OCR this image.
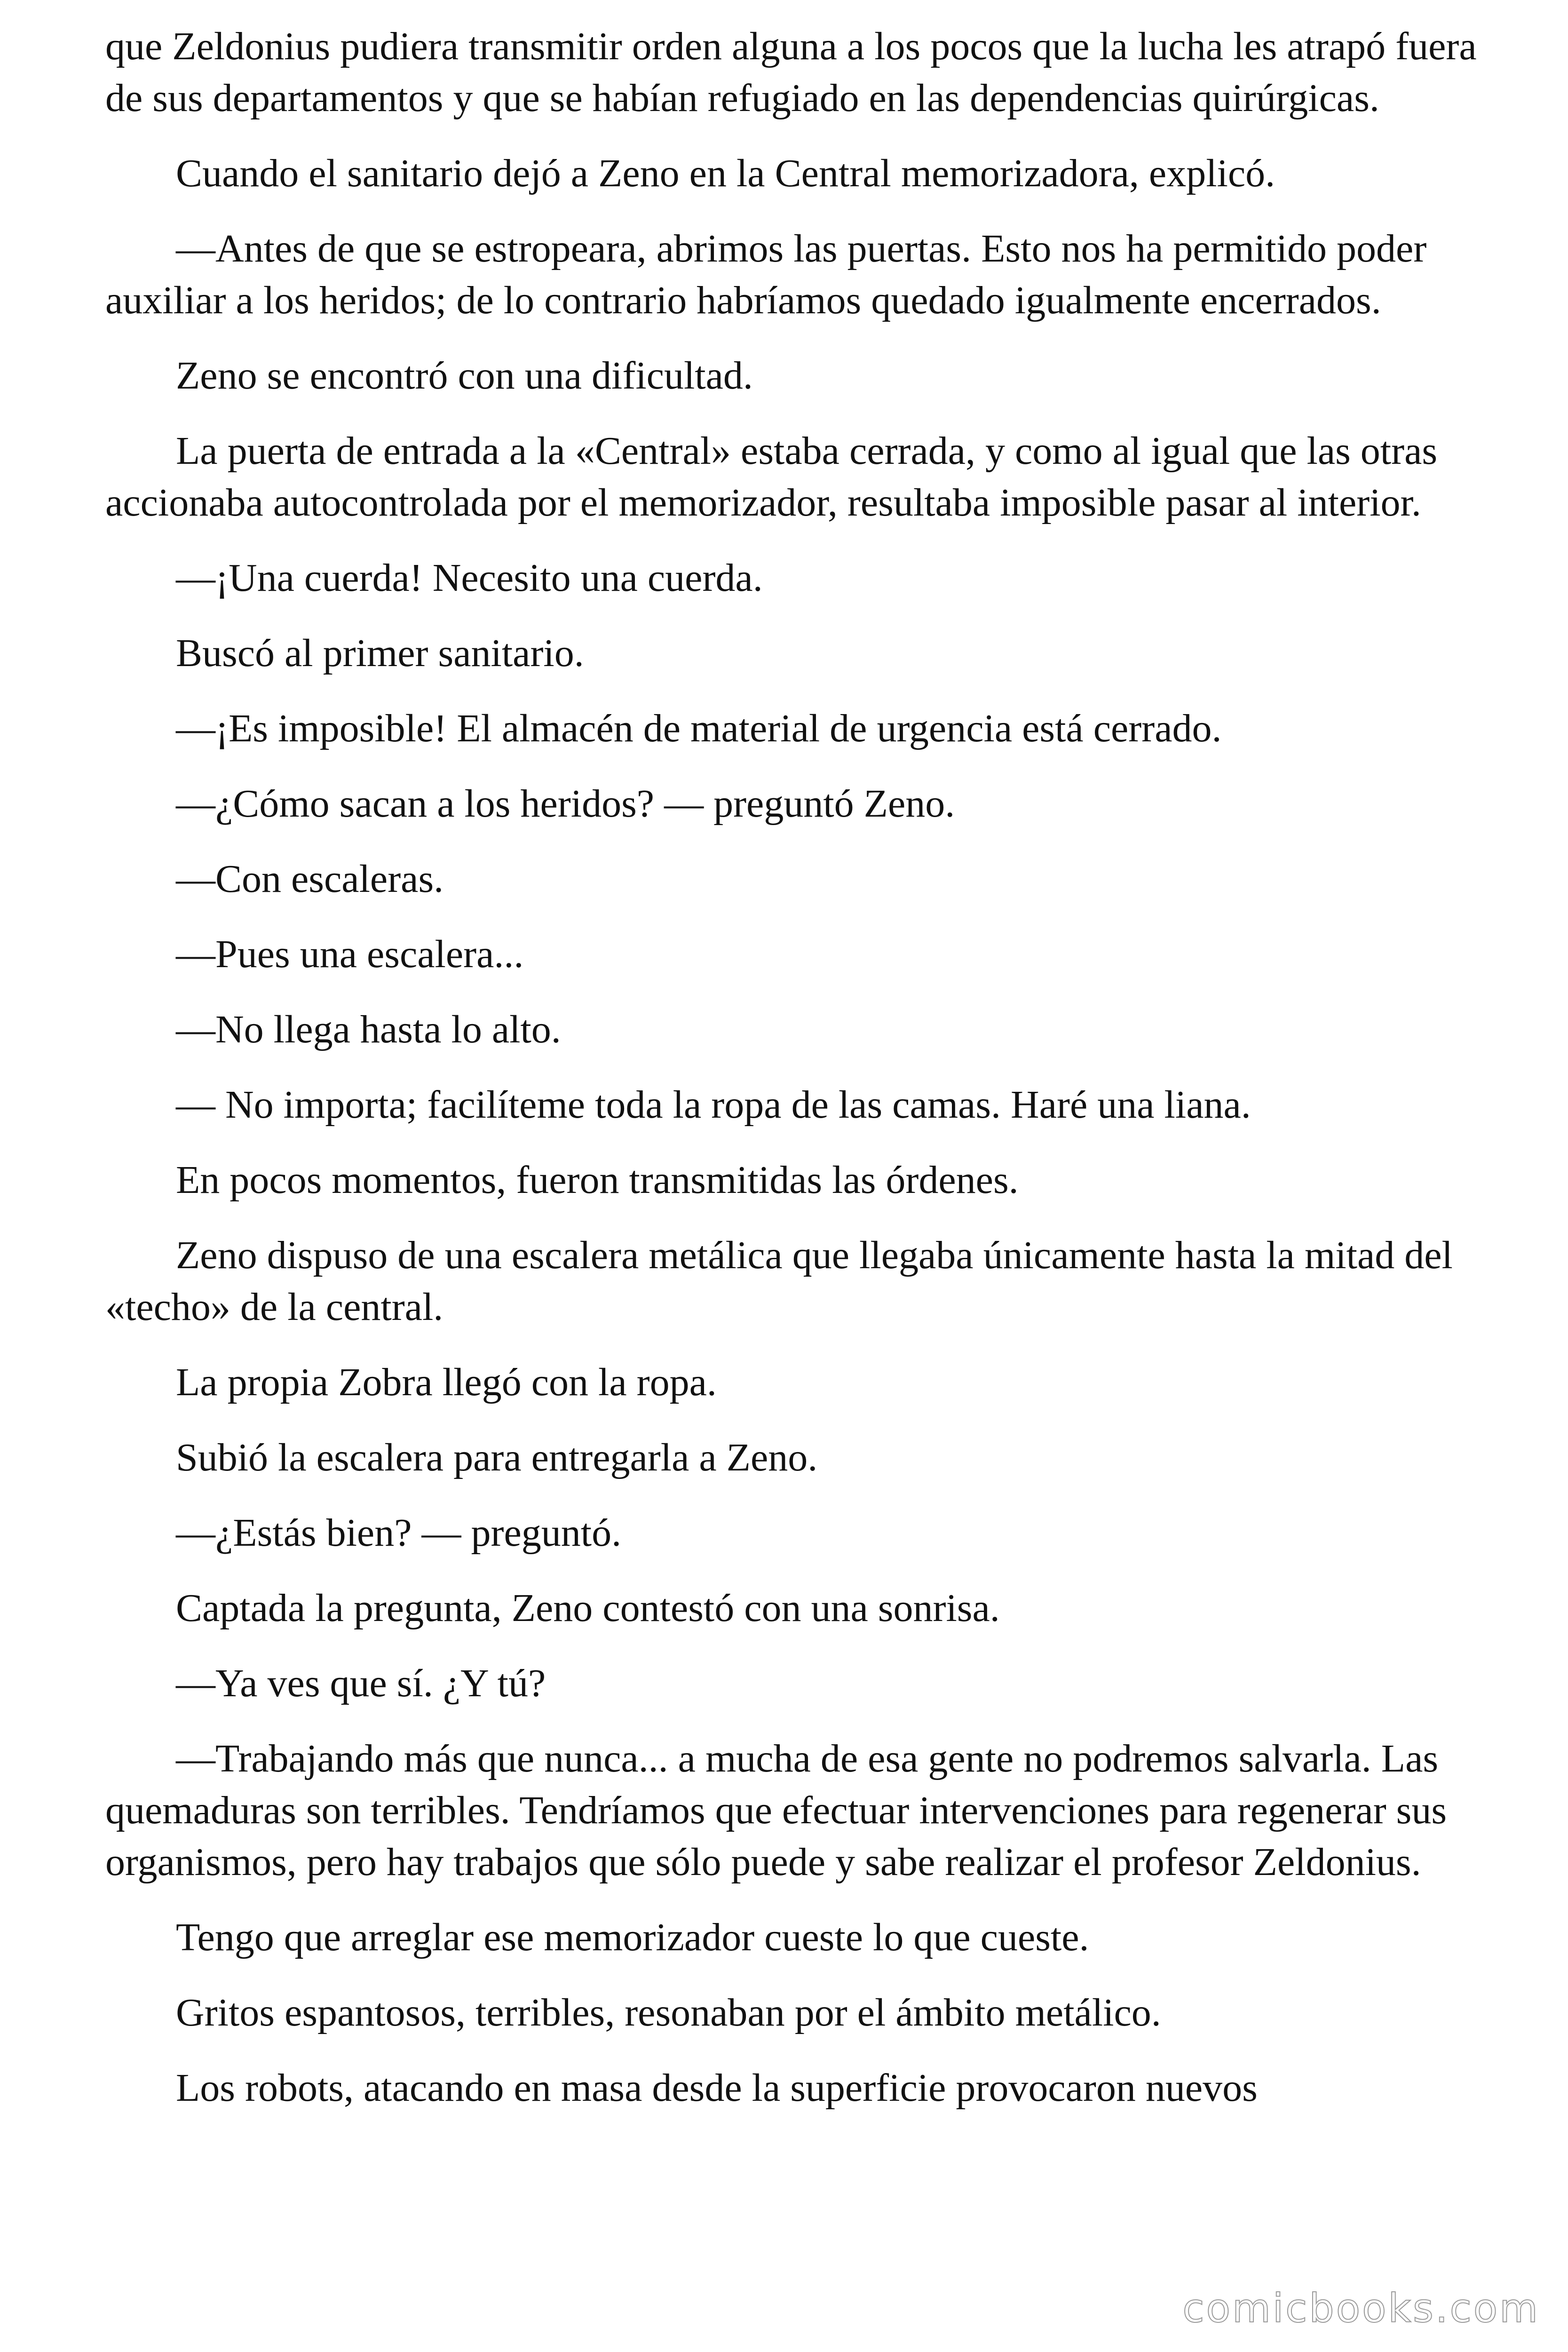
que Zeldonius pudiera transmitir orden alguna a los pocos que la lucha les atrapó fuera de sus departamentos y que se habían refugiado en las dependencias quirúrgicas.

Cuando el sanitario dejó a Zeno en la Central memorizadora, explicó.

—Antes de que se estropeara, abrimos las puertas. Esto nos ha permitido poder auxiliar a los heridos; de lo contrario habríamos quedado igualmente encerrados.

Zeno se encontró con una dificultad.

La puerta de entrada a la «Central» estaba cerrada, y como al igual que las otras accionaba autocontrolada por el memorizador, resultaba imposible pasar al interior.

—¡Una cuerda! Necesito una cuerda.

Buscó al primer sanitario.

—¡Es imposible! El almacén de material de urgencia está cerrado.

—¿Cómo sacan a los heridos? — preguntó Zeno.

—Con escaleras.

—Pues una escalera...

—No llega hasta lo alto.

— No importa; facilíteme toda la ropa de las camas. Haré una liana.

En pocos momentos, fueron transmitidas las órdenes.

Zeno dispuso de una escalera metálica que llegaba únicamente hasta la mitad del «techo» de la central.

La propia Zobra llegó con la ropa.

Subió la escalera para entregarla a Zeno.

—¿Estás bien? — preguntó.

Captada la pregunta, Zeno contestó con una sonrisa.

—Ya ves que sí. ¿Y tú?

—Trabajando más que nunca... a mucha de esa gente no podremos salvarla. Las quemaduras son terribles. Tendríamos que efectuar intervenciones para regenerar sus organismos, pero hay trabajos que sólo puede y sabe realizar el profesor Zeldonius.

Tengo que arreglar ese memorizador cueste lo que cueste.

Gritos espantosos, terribles, resonaban por el ámbito metálico.

Los robots, atacando en masa desde la superficie provocaron nuevos

comicbooks.com
